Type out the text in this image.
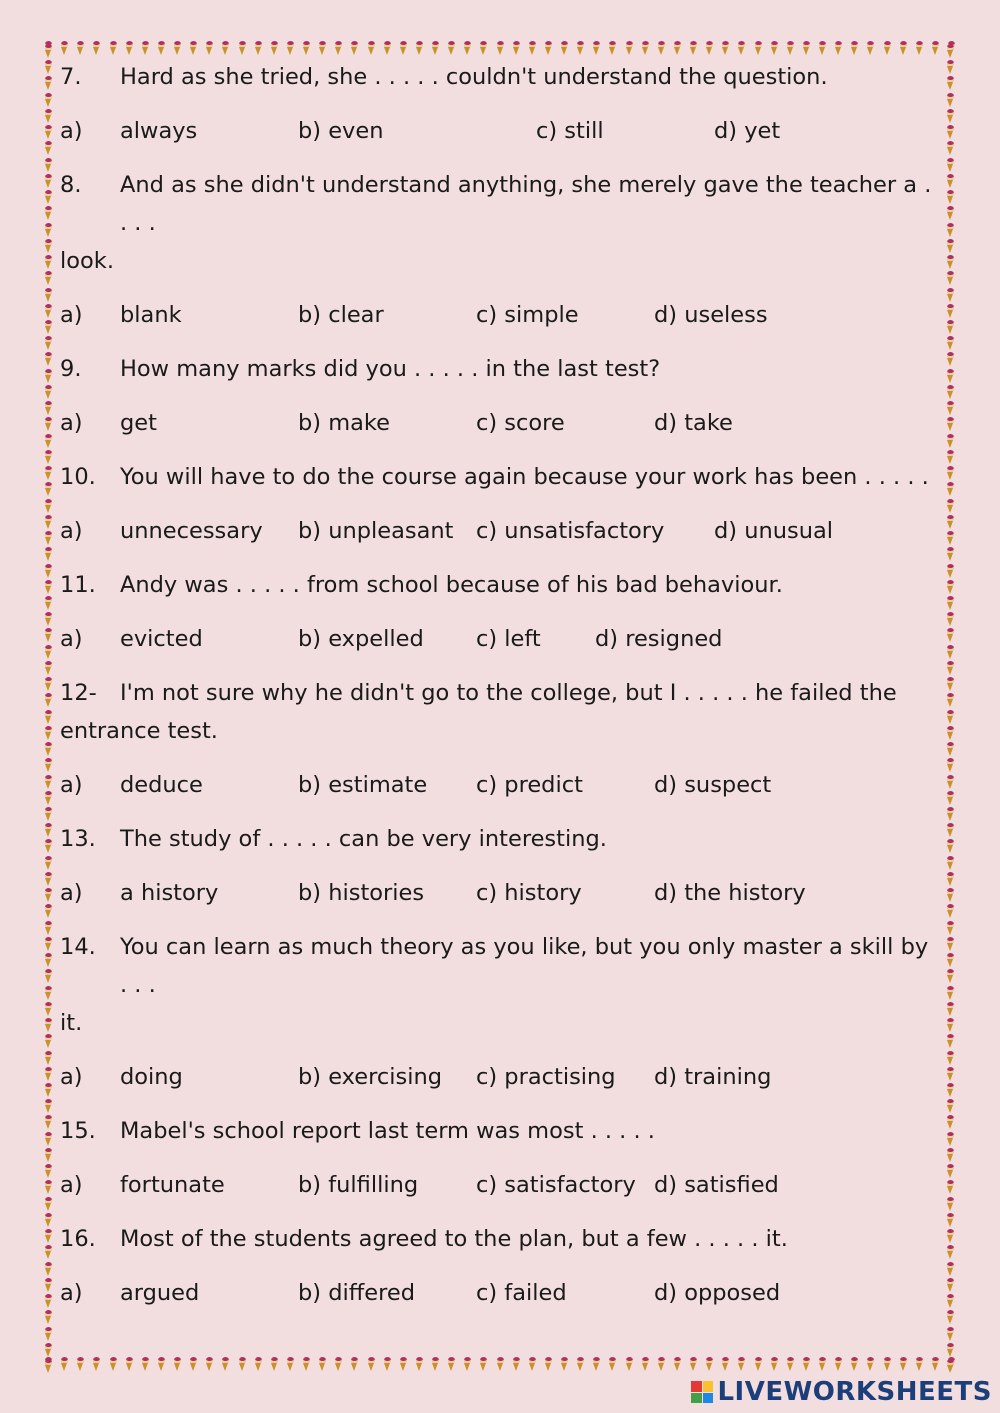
7.	Hard as she tried, she . . . . . couldn't understand the question.
a) always	b) even	c) still	d) yet
8.	And as she didn't understand anything, she merely gave the teacher a . . . .
look.
a) blank	b) clear	c) simple	d) useless
9.	How many marks did you . . . . . in the last test?
a) get	b) make	c) score	d) take
10.	You will have to do the course again because your work has been . . . . .
a) unnecessary b) unpleasant c) unsatisfactory d) unusual
11.	Andy was . . . . . from school because of his bad behaviour.
a) evicted	b) expelled c) left d) resigned
12-	I'm not sure why he didn't go to the college, but I . . . . . he failed the
entrance test.
a) deduce	b) estimate c) predict	d) suspect
13.	The study of . . . . . can be very interesting.
a) a history	b) histories c) history	d) the history
14.	You can learn as much theory as you like, but you only master a skill by . . .
it.
a) doing	b) exercising c) practising d) training
15.	Mabel's school report last term was most . . . . .
a) fortunate	b) fulfilling	c) satisfactory d) satisfied
16.	Most of the students agreed to the plan, but a few . . . . . it.
a) argued	b) differed	c) failed	d) opposed
LIVEWORKSHEETS
